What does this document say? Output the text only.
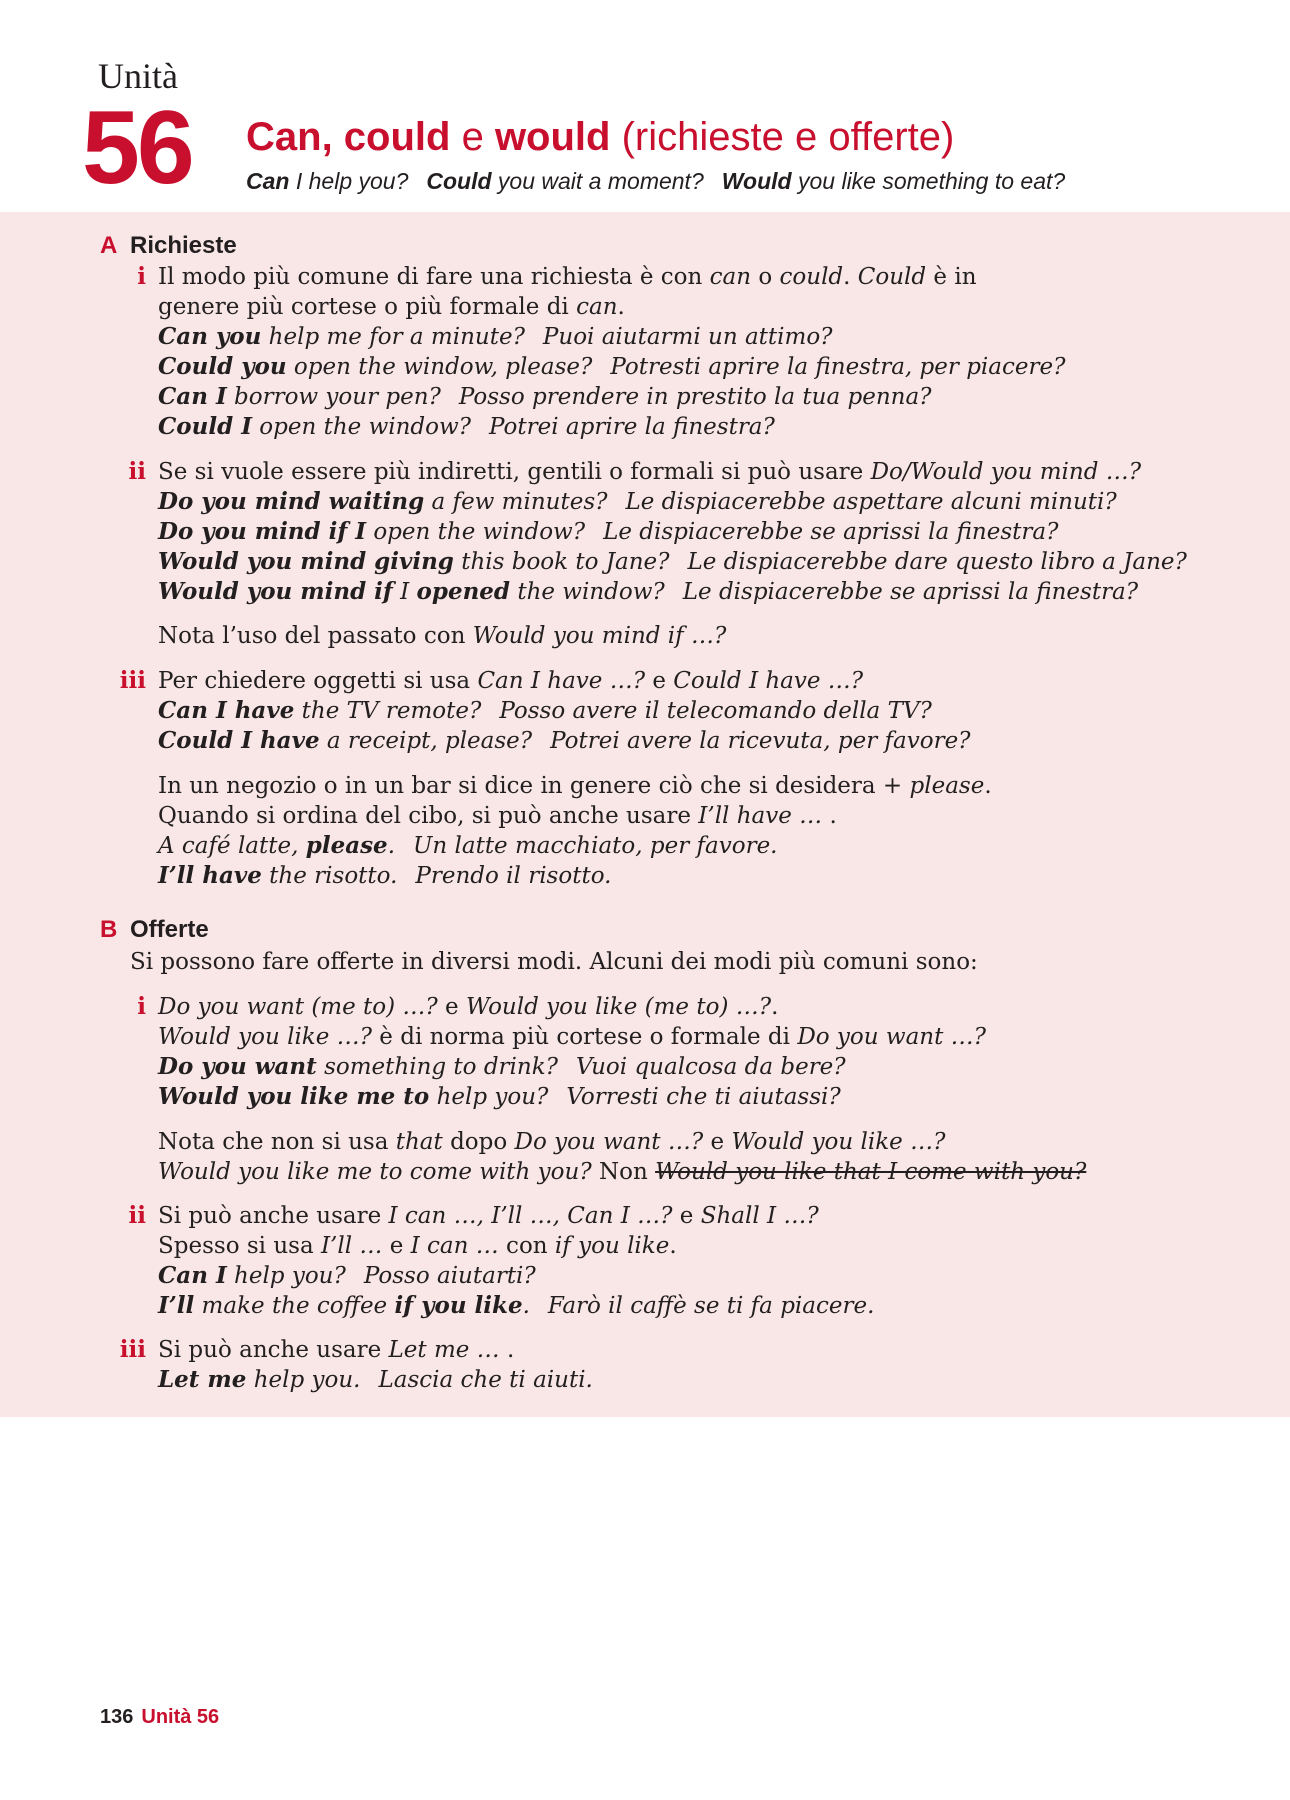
Unità
56 Can, could e would (richieste e offerte)
Can I help you? Could you wait a moment? Would you like something to eat?
A Richieste
i Il modo più comune di fare una richiesta è con can o could. Could è in
genere più cortese o più formale di can.
Can you help me for a minute? Puoi aiutarmi un attimo?
Could you open the window, please? Potresti aprire la finestra, per piacere?
Can I borrow your pen? Posso prendere in prestito la tua penna?
Could I open the window? Potrei aprire la finestra?
ii Se si vuole essere più indiretti, gentili o formali si può usare Do/Would you mind …?
Do you mind waiting a few minutes? Le dispiacerebbe aspettare alcuni minuti?
Do you mind if I open the window? Le dispiacerebbe se aprissi la finestra?
Would you mind giving this book to Jane? Le dispiacerebbe dare questo libro a Jane?
Would you mind if I opened the window? Le dispiacerebbe se aprissi la finestra?
Nota l’uso del passato con Would you mind if …?
iii Per chiedere oggetti si usa Can I have …? e Could I have …?
Can I have the TV remote? Posso avere il telecomando della TV?
Could I have a receipt, please? Potrei avere la ricevuta, per favore?
In un negozio o in un bar si dice in genere ciò che si desidera + please.
Quando si ordina del cibo, si può anche usare I’ll have … .
A café latte, please. Un latte macchiato, per favore.
I’ll have the risotto. Prendo il risotto.
B Offerte
Si possono fare offerte in diversi modi. Alcuni dei modi più comuni sono:
i Do you want (me to) …? e Would you like (me to) …?.
Would you like …? è di norma più cortese o formale di Do you want …?
Do you want something to drink? Vuoi qualcosa da bere?
Would you like me to help you? Vorresti che ti aiutassi?
Nota che non si usa that dopo Do you want …? e Would you like …?
Would you like me to come with you? Non Would you like that I come with you?
ii Si può anche usare I can …, I’ll …, Can I …? e Shall I …?
Spesso si usa I’ll … e I can … con if you like.
Can I help you? Posso aiutarti?
I’ll make the coffee if you like. Farò il caffè se ti fa piacere.
iii Si può anche usare Let me … .
Let me help you. Lascia che ti aiuti.
136 Unità 56
